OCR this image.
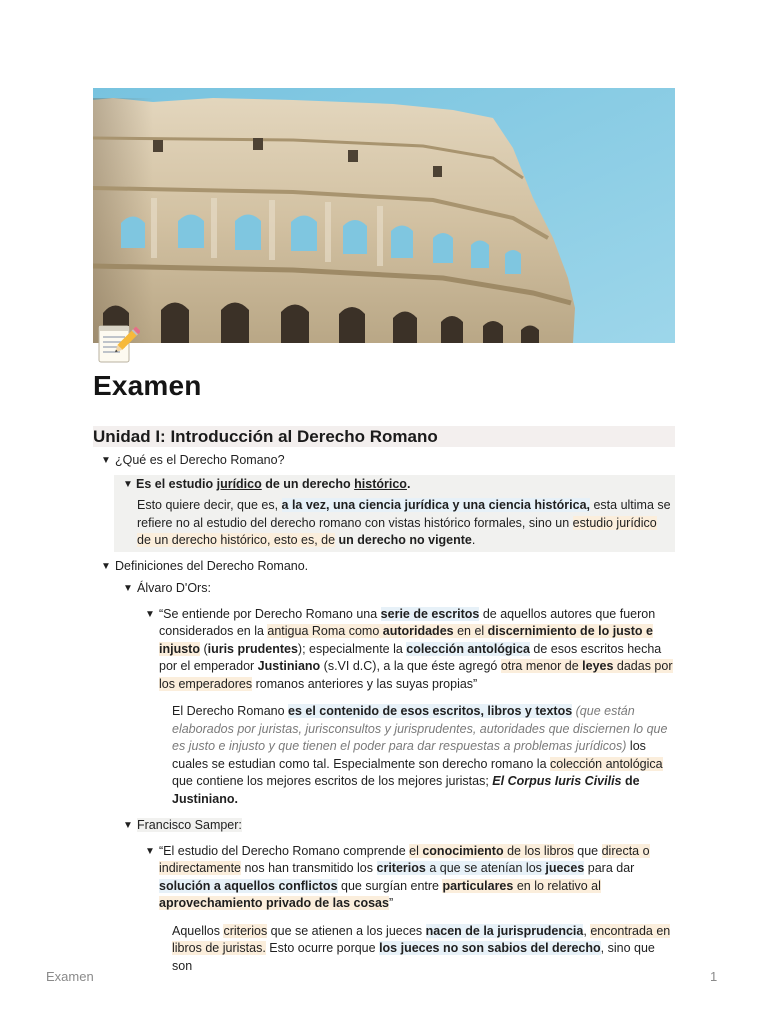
Examen
Unidad I: Introducción al Derecho Romano
▼ ¿Qué es el Derecho Romano?

▼ Es el estudio jurídico de un derecho histórico.
Esto quiere decir, que es, a la vez, una ciencia jurídica y una ciencia histórica, esta ultima se refiere no al estudio del derecho romano con vistas histórico formales, sino un estudio jurídico de un derecho histórico, esto es, de un derecho no vigente.
▼ Definiciones del Derecho Romano.

▼ Álvaro D'Ors:

▼ “Se entiende por Derecho Romano una serie de escritos de aquellos autores que fueron considerados en la antigua Roma como autoridades en el discernimiento de lo justo e injusto (iuris prudentes); especialmente la colección antológica de esos escritos hecha por el emperador Justiniano (s.VI d.C), a la que éste agregó otra menor de leyes dadas por los emperadores romanos anteriores y las suyas propias”

El Derecho Romano es el contenido de esos escritos, libros y textos (que están elaborados por juristas, jurisconsultos y jurisprudentes, autoridades que disciernen lo que es justo e injusto y que tienen el poder para dar respuestas a problemas jurídicos) los cuales se estudian como tal. Especialmente son derecho romano la colección antológica que contiene los mejores escritos de los mejores juristas; El Corpus Iuris Civilis de Justiniano.

▼ Francisco Samper:

▼ “El estudio del Derecho Romano comprende el conocimiento de los libros que directa o indirectamente nos han transmitido los criterios a que se atenían los jueces para dar solución a aquellos conflictos que surgían entre particulares en lo relativo al aprovechamiento privado de las cosas”

Aquellos criterios que se atienen a los jueces nacen de la jurisprudencia, encontrada en libros de juristas. Esto ocurre porque los jueces no son sabios del derecho, sino que son

Examen	1
